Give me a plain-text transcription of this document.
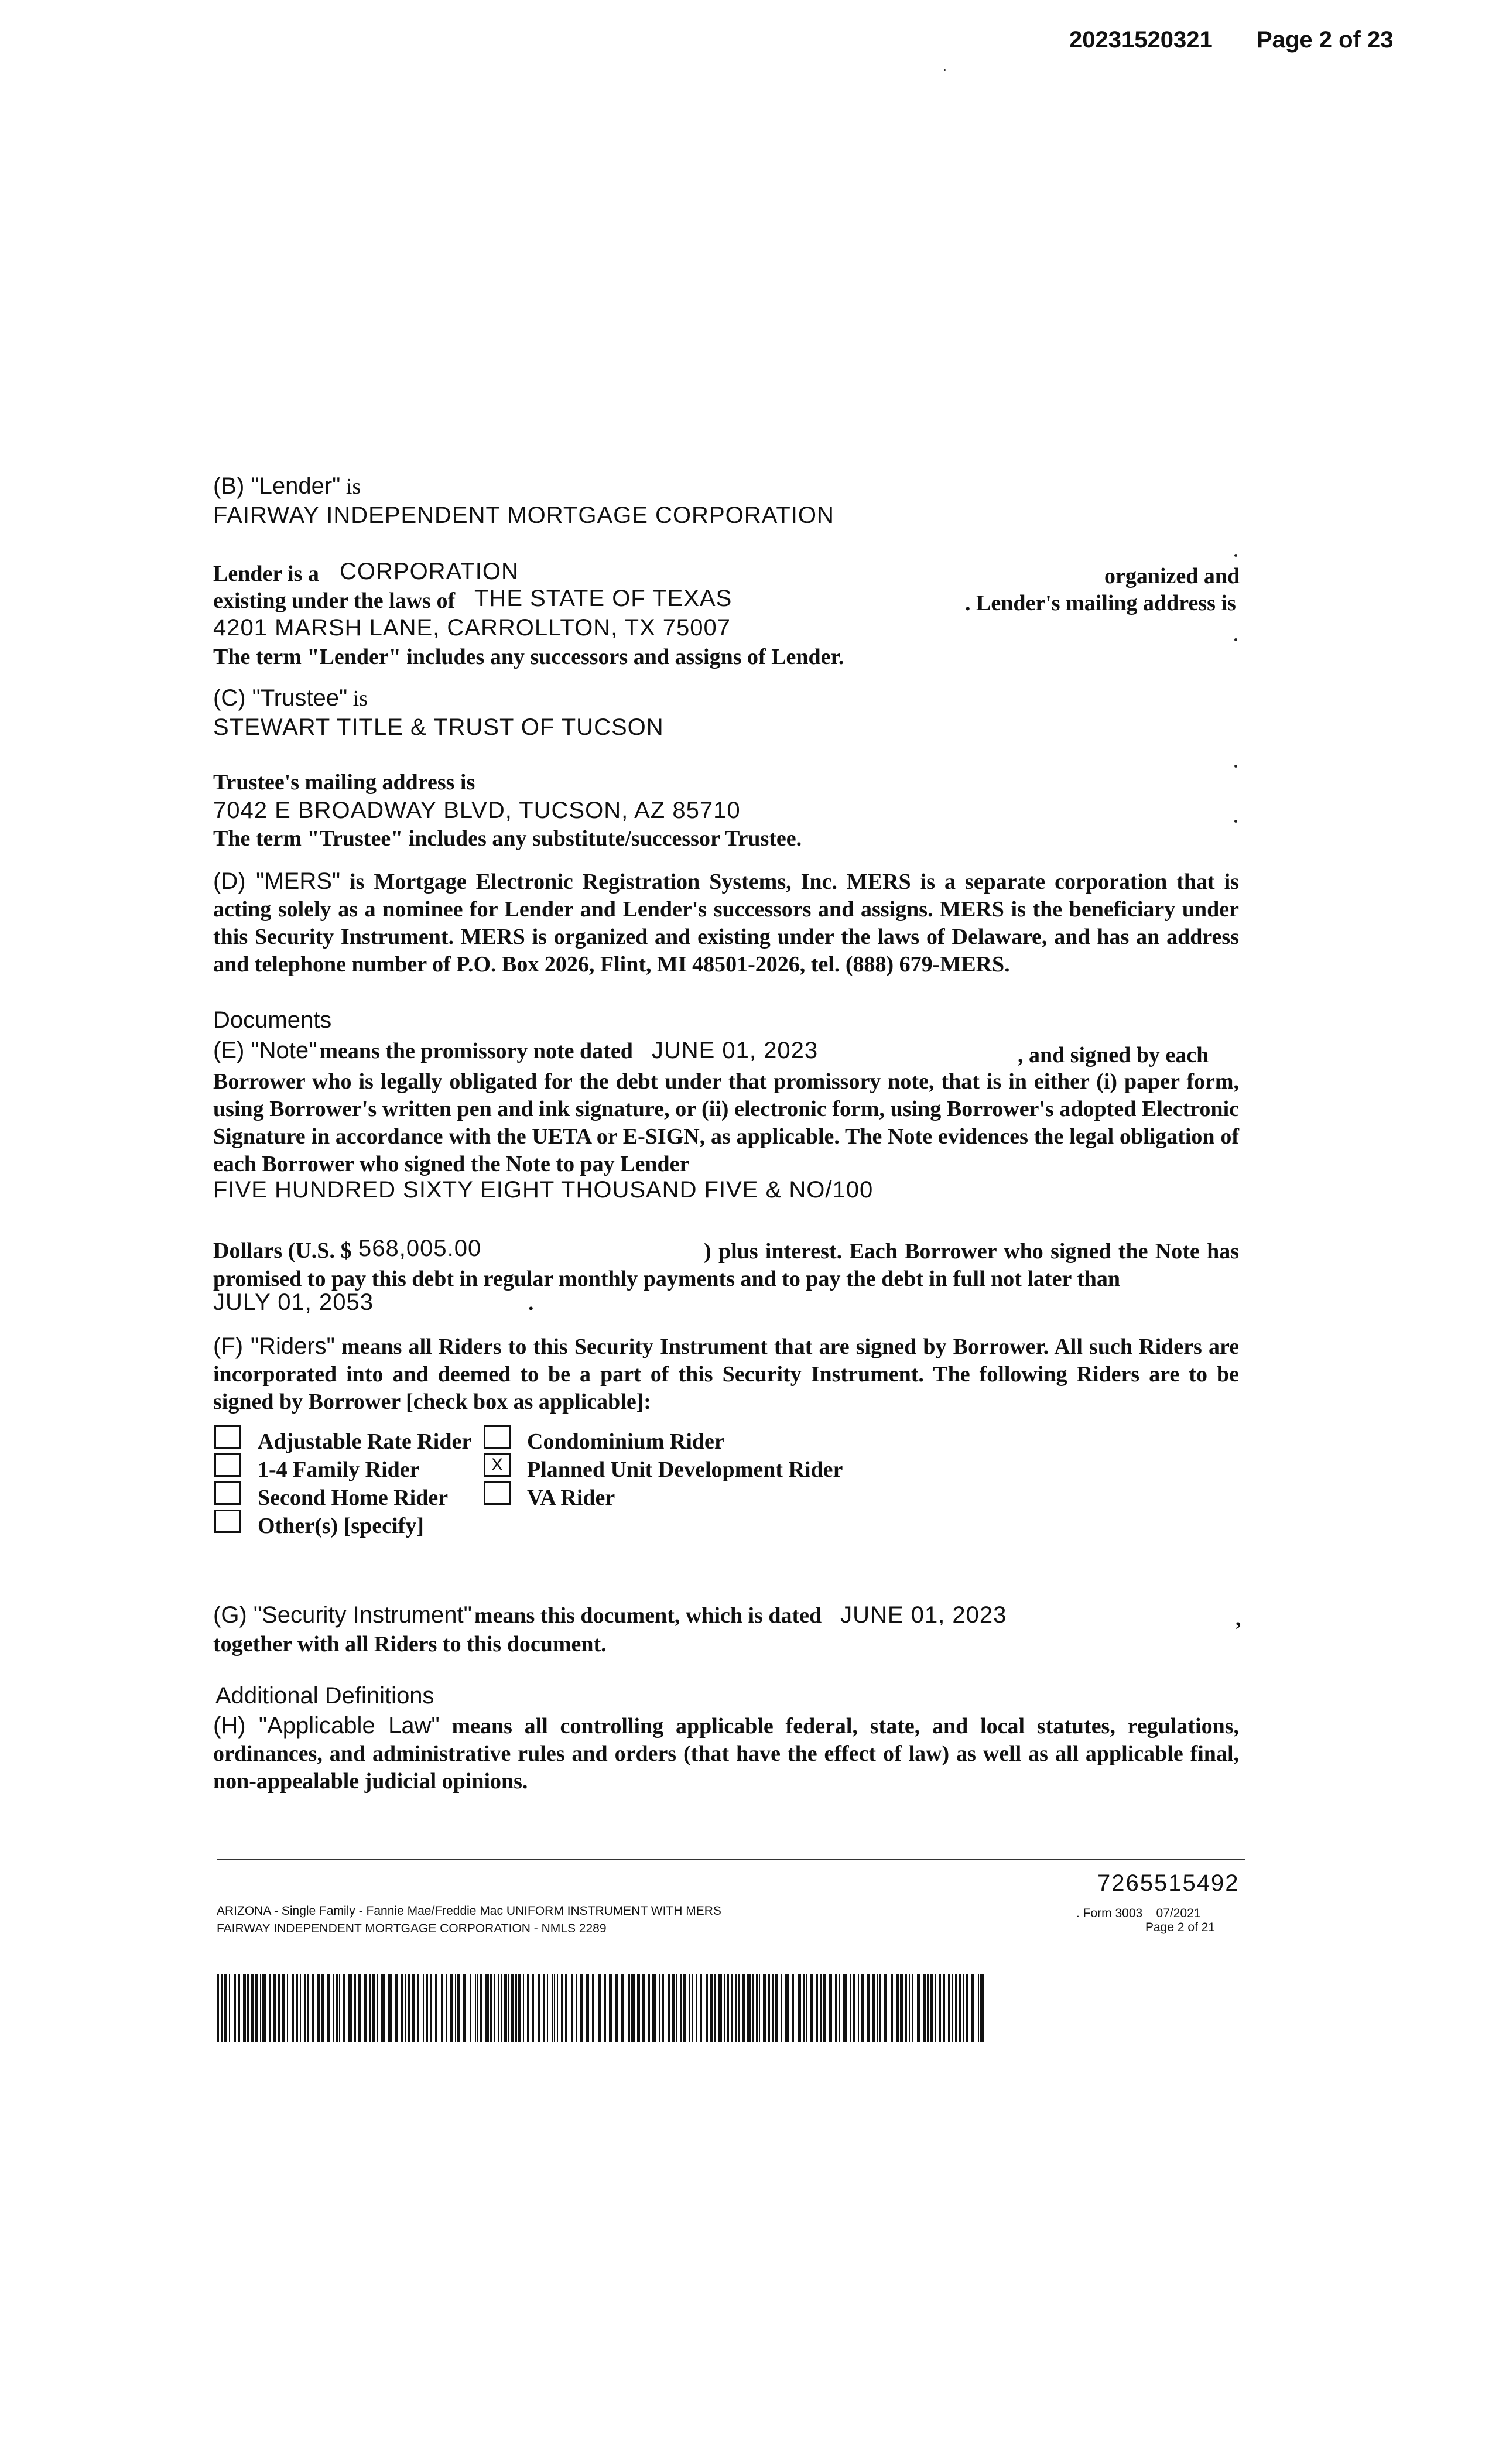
20231520321 Page 2 of 23
(B) "Lender" is
FAIRWAY INDEPENDENT MORTGAGE CORPORATION
Lender is a CORPORATION	organized and
existing under the laws of THE STATE OF TEXAS	. Lender's mailing address is
4201 MARSH LANE, CARROLLTON, TX 75007
The term "Lender" includes any successors and assigns of Lender.
(C) "Trustee" is
STEWART TITLE & TRUST OF TUCSON
Trustee's mailing address is
7042 E BROADWAY BLVD, TUCSON, AZ 85710
The term "Trustee" includes any substitute/successor Trustee.
(D) "MERS" is Mortgage Electronic Registration Systems, Inc. MERS is a separate corporation that is acting solely as a nominee for Lender and Lender's successors and assigns. MERS is the beneficiary under this Security Instrument. MERS is organized and existing under the laws of Delaware, and has an address and telephone number of P.O. Box 2026, Flint, MI 48501-2026, tel. (888) 679-MERS.
Documents
(E) "Note" means the promissory note dated JUNE 01, 2023	, and signed by each
Borrower who is legally obligated for the debt under that promissory note, that is in either (i) paper form, using Borrower's written pen and ink signature, or (ii) electronic form, using Borrower's adopted Electronic Signature in accordance with the UETA or E-SIGN, as applicable. The Note evidences the legal obligation of each Borrower who signed the Note to pay Lender
FIVE HUNDRED SIXTY EIGHT THOUSAND FIVE & NO/100
Dollars (U.S. $ 568,005.00	) plus interest. Each Borrower who signed the Note has promised to pay this debt in regular monthly payments and to pay the debt in full not later than
JULY 01, 2053	.
(F) "Riders" means all Riders to this Security Instrument that are signed by Borrower. All such Riders are incorporated into and deemed to be a part of this Security Instrument. The following Riders are to be signed by Borrower [check box as applicable]:
Adjustable Rate Rider
1-4 Family Rider
Second Home Rider
Other(s) [specify]
Condominium Rider
X	Planned Unit Development Rider
VA Rider
(G) "Security Instrument" means this document, which is dated JUNE 01, 2023	,
together with all Riders to this document.
Additional Definitions
(H) "Applicable Law" means all controlling applicable federal, state, and local statutes, regulations, ordinances, and administrative rules and orders (that have the effect of law) as well as all applicable final, non-appealable judicial opinions.
7265515492
ARIZONA - Single Family - Fannie Mae/Freddie Mac UNIFORM INSTRUMENT WITH MERS
FAIRWAY INDEPENDENT MORTGAGE CORPORATION - NMLS 2289
. Form 3003    07/2021
Page 2 of 21
